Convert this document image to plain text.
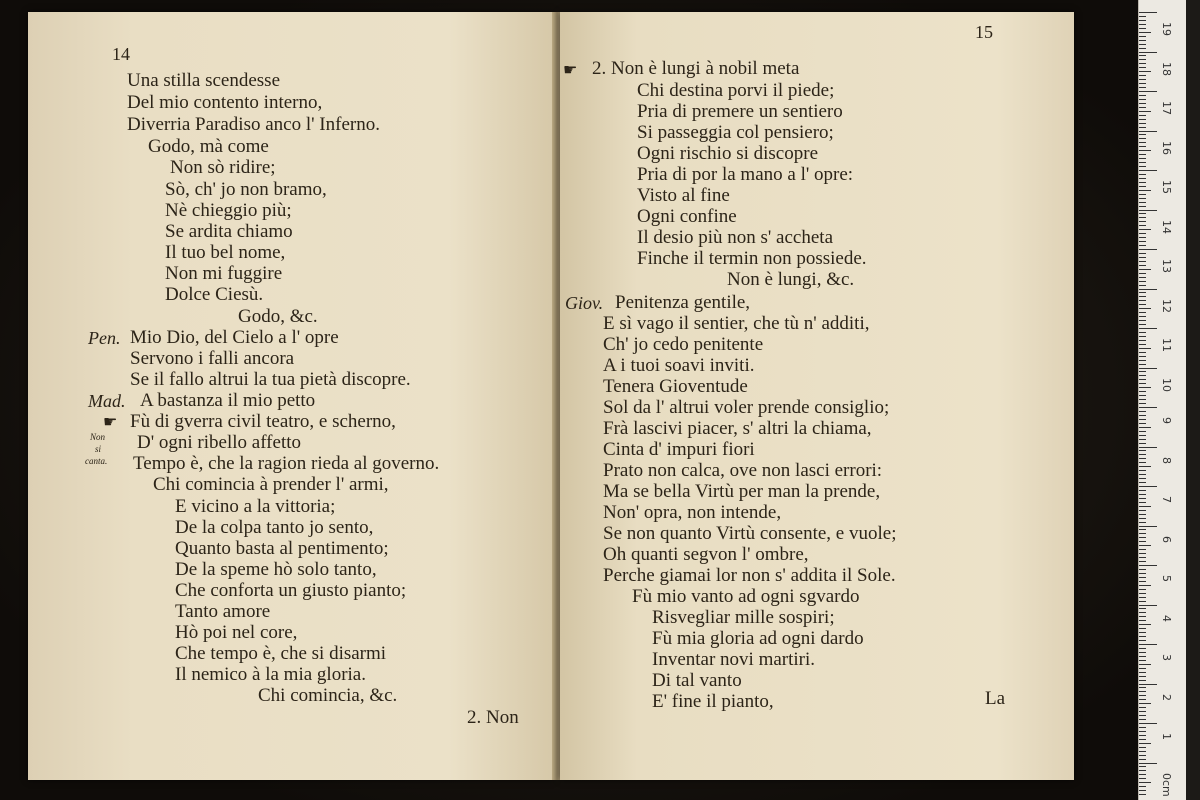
14
Una stilla scendesse
Del mio contento interno,
Diverria Paradiso anco l' Inferno.
Godo, mà come
Non sò ridire;
Sò, ch' jo non bramo,
Nè chieggio più;
Se ardita chiamo
Il tuo bel nome,
Non mi fuggire
Dolce Ciesù.
Godo, &c.
Pen. Mio Dio, del Cielo a l' opre
Servono i falli ancora
Se il fallo altrui la tua pietà discopre.
Mad. A bastanza il mio petto
☛ Fù di gverra civil teatro, e scherno,
Non
si
canta.
D' ogni ribello affetto
Tempo è, che la ragion rieda al governo.
Chi comincia à prender l' armi,
E vicino a la vittoria;
De la colpa tanto jo sento,
Quanto basta al pentimento;
De la speme hò solo tanto,
Che conforta un giusto pianto;
Tanto amore
Hò poi nel core,
Che tempo è, che si disarmi
Il nemico à la mia gloria.
Chi comincia, &c.
2. Non
15
☛ 2. Non è lungi à nobil meta
Chi destina porvi il piede;
Pria di premere un sentiero
Si passeggia col pensiero;
Ogni rischio si discopre
Pria di por la mano a l' opre:
Visto al fine
Ogni confine
Il desio più non s' accheta
Finche il termin non possiede.
Non è lungi, &c.
Giov. Penitenza gentile,
E sì vago il sentier, che tù n' additi,
Ch' jo cedo penitente
A i tuoi soavi inviti.
Tenera Gioventude
Sol da l' altrui voler prende consiglio;
Frà lascivi piacer, s' altri la chiama,
Cinta d' impuri fiori
Prato non calca, ove non lasci errori:
Ma se bella Virtù per man la prende,
Non' opra, non intende,
Se non quanto Virtù consente, e vuole;
Oh quanti segvon l' ombre,
Perche giamai lor non s' addita il Sole.
Fù mio vanto ad ogni sgvardo
Risvegliar mille sospiri;
Fù mia gloria ad ogni dardo
Inventar novi martiri.
Di tal vanto
E' fine il pianto,	La
19
18
17
16
15
14
13
12
11
10
9
8
7
6
5
4
3
2
1
0cm
